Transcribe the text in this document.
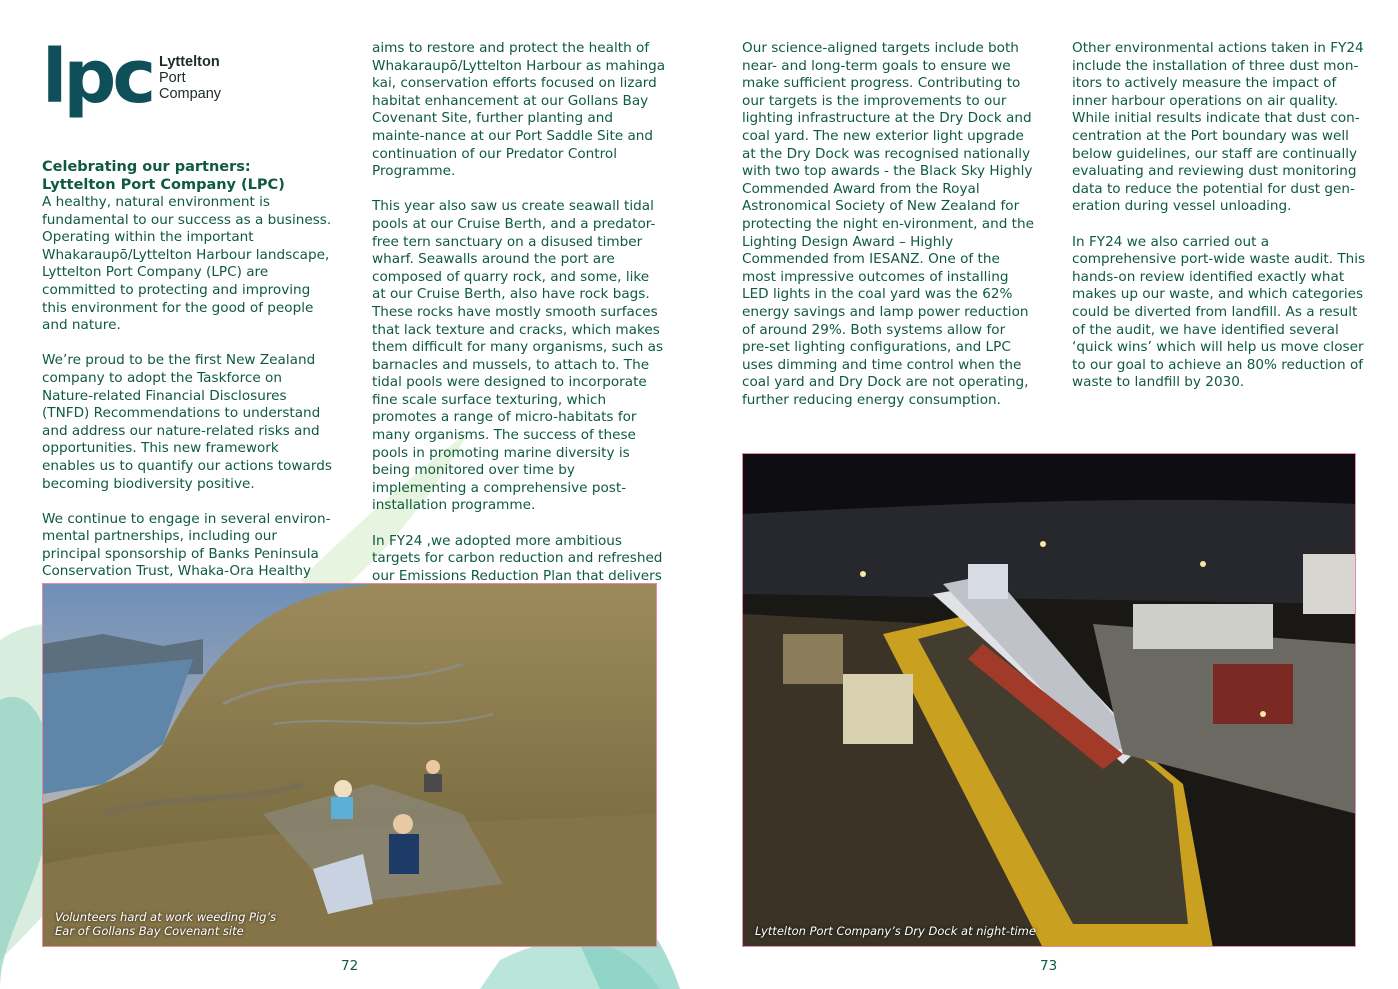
lpc Lyttelton
Port
Company
Celebrating our partners:
Lyttelton Port Company (LPC)

A healthy, natural environment is fundamental to our success as a business. Operating within the important Whakaraupō/Lyttelton Harbour landscape, Lyttelton Port Company (LPC) are committed to protecting and improving this environment for the good of people and nature.

We’re proud to be the first New Zealand company to adopt the Taskforce on Nature-related Financial Disclosures (TNFD) Recommendations to understand and address our nature-related risks and opportunities. This new framework enables us to quantify our actions towards becoming biodiversity positive.

We continue to engage in several environ-mental partnerships, including our principal sponsorship of Banks Peninsula Conservation Trust, Whaka-Ora Healthy

aims to restore and protect the health of Whakaraupō/Lyttelton Harbour as mahinga kai, conservation efforts focused on lizard habitat enhancement at our Gollans Bay Covenant Site, further planting and mainte-nance at our Port Saddle Site and continuation of our Predator Control Programme.

This year also saw us create seawall tidal pools at our Cruise Berth, and a predator-free tern sanctuary on a disused timber wharf. Seawalls around the port are composed of quarry rock, and some, like at our Cruise Berth, also have rock bags. These rocks have mostly smooth surfaces that lack texture and cracks, which makes them difficult for many organisms, such as barnacles and mussels, to attach to. The tidal pools were designed to incorporate fine scale surface texturing, which promotes a range of micro-habitats for many organisms. The success of these pools in promoting marine diversity is being monitored over time by implementing a comprehensive post-installation programme.

In FY24 ,we adopted more ambitious targets for carbon reduction and refreshed our Emissions Reduction Plan that delivers

Our science-aligned targets include both near- and long-term goals to ensure we make sufficient progress. Contributing to our targets is the improvements to our lighting infrastructure at the Dry Dock and coal yard. The new exterior light upgrade at the Dry Dock was recognised nationally with two top awards - the Black Sky Highly Commended Award from the Royal Astronomical Society of New Zealand for protecting the night en-vironment, and the Lighting Design Award – Highly Commended from IESANZ. One of the most impressive outcomes of installing LED lights in the coal yard was the 62% energy savings and lamp power reduction of around 29%. Both systems allow for pre-set lighting configurations, and LPC uses dimming and time control when the coal yard and Dry Dock are not operating, further reducing energy consumption.

Other environmental actions taken in FY24 include the installation of three dust mon-itors to actively measure the impact of inner harbour operations on air quality. While initial results indicate that dust con-centration at the Port boundary was well below guidelines, our staff are continually evaluating and reviewing dust monitoring data to reduce the potential for dust gen-eration during vessel unloading.

In FY24 we also carried out a comprehensive port-wide waste audit. This hands-on review identified exactly what makes up our waste, and which categories could be diverted from landfill. As a result of the audit, we have identified several ‘quick wins’ which will help us move closer to our goal to achieve an 80% reduction of waste to landfill by 2030.

Volunteers hard at work weeding Pig’s Ear of Gollans Bay Covenant site	Lyttelton Port Company’s Dry Dock at night-time
72	73
